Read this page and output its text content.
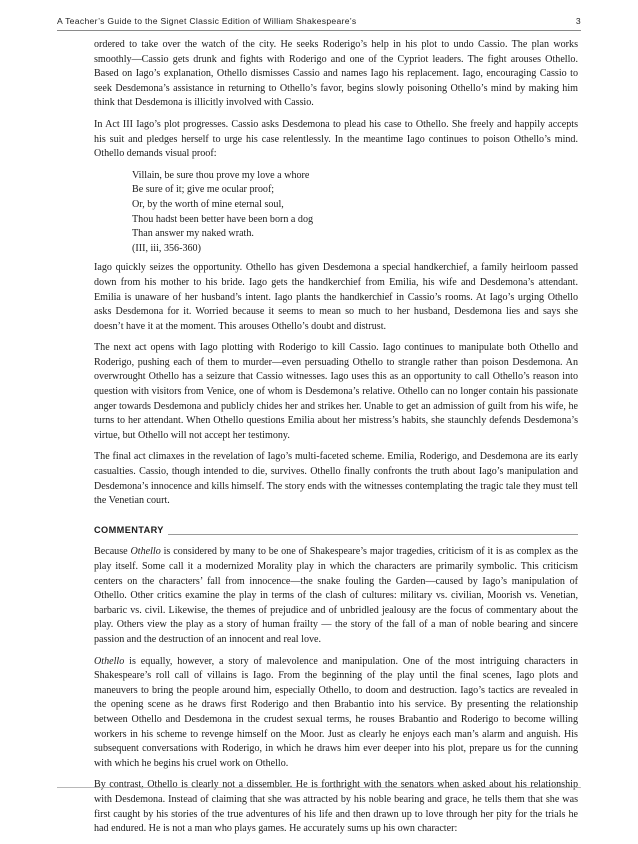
A Teacher’s Guide to the Signet Classic Edition of William Shakespeare’s	3

ordered to take over the watch of the city. He seeks Roderigo’s help in his plot to undo Cassio. The plan works smoothly—Cassio gets drunk and fights with Roderigo and one of the Cypriot leaders. The fight arouses Othello. Based on Iago’s explanation, Othello dismisses Cassio and names Iago his replacement. Iago, encouraging Cassio to seek Desdemona’s assistance in returning to Othello’s favor, begins slowly poisoning Othello’s mind by making him think that Desdemona is illicitly involved with Cassio.

In Act III Iago’s plot progresses. Cassio asks Desdemona to plead his case to Othello. She freely and happily accepts his suit and pledges herself to urge his case relentlessly. In the meantime Iago continues to poison Othello’s mind. Othello demands visual proof:

Villain, be sure thou prove my love a whore
Be sure of it; give me ocular proof;
Or, by the worth of mine eternal soul,
Thou hadst been better have been born a dog
Than answer my naked wrath.
(III, iii, 356-360)

Iago quickly seizes the opportunity. Othello has given Desdemona a special handkerchief, a family heirloom passed down from his mother to his bride. Iago gets the handkerchief from Emilia, his wife and Desdemona’s attendant. Emilia is unaware of her husband’s intent. Iago plants the handkerchief in Cassio’s rooms. At Iago’s urging Othello asks Desdemona for it. Worried because it seems to mean so much to her husband, Desdemona lies and says she doesn’t have it at the moment. This arouses Othello’s doubt and distrust.

The next act opens with Iago plotting with Roderigo to kill Cassio. Iago continues to manipulate both Othello and Roderigo, pushing each of them to murder—even persuading Othello to strangle rather than poison Desdemona. An overwrought Othello has a seizure that Cassio witnesses. Iago uses this as an opportunity to call Othello’s reason into question with visitors from Venice, one of whom is Desdemona’s relative. Othello can no longer contain his passionate anger towards Desdemona and publicly chides her and strikes her. Unable to get an admission of guilt from his wife, he turns to her attendant. When Othello questions Emilia about her mistress’s habits, she staunchly defends Desdemona’s virtue, but Othello will not accept her testimony.

The final act climaxes in the revelation of Iago’s multi-faceted scheme. Emilia, Roderigo, and Desdemona are its early casualties. Cassio, though intended to die, survives. Othello finally confronts the truth about Iago’s manipulation and Desdemona’s innocence and kills himself. The story ends with the witnesses contemplating the tragic tale they must tell the Venetian court.

COMMENTARY

Because Othello is considered by many to be one of Shakespeare’s major tragedies, criticism of it is as complex as the play itself. Some call it a modernized Morality play in which the characters are primarily symbolic. This criticism centers on the characters’ fall from innocence—the snake fouling the Garden—caused by Iago’s manipulation of Othello. Other critics examine the play in terms of the clash of cultures: military vs. civilian, Moorish vs. Venetian, barbaric vs. civil. Likewise, the themes of prejudice and of unbridled jealousy are the focus of commentary about the play. Others view the play as a story of human frailty — the story of the fall of a man of noble bearing and sincere passion and the destruction of an innocent and real love.

Othello is equally, however, a story of malevolence and manipulation. One of the most intriguing characters in Shakespeare’s roll call of villains is Iago. From the beginning of the play until the final scenes, Iago plots and maneuvers to bring the people around him, especially Othello, to doom and destruction. Iago’s tactics are revealed in the opening scene as he draws first Roderigo and then Brabantio into his service. By presenting the relationship between Othello and Desdemona in the crudest sexual terms, he rouses Brabantio and Roderigo to become willing workers in his scheme to revenge himself on the Moor. Just as clearly he enjoys each man’s alarm and anguish. His subsequent conversations with Roderigo, in which he draws him ever deeper into his plot, prepare us for the cunning with which he begins his cruel work on Othello.

By contrast, Othello is clearly not a dissembler. He is forthright with the senators when asked about his relationship with Desdemona. Instead of claiming that she was attracted by his noble bearing and grace, he tells them that she was first caught by his stories of the true adventures of his life and then drawn up to love through her pity for the trials he had endured. He is not a man who plays games. He accurately sums up his own character:
